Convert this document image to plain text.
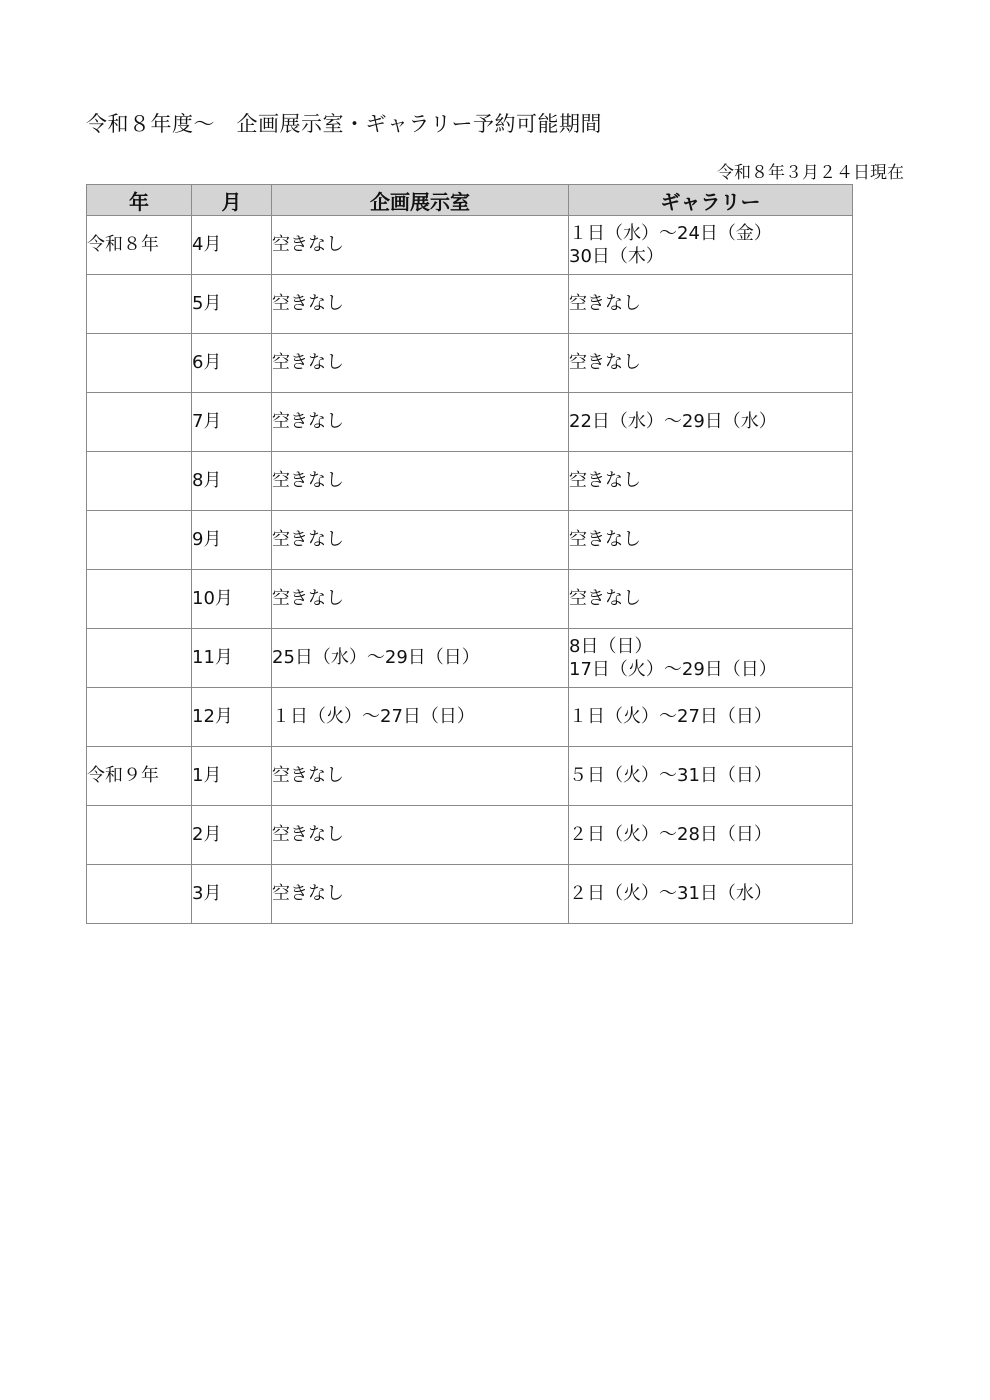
令和８年度～　企画展示室・ギャラリー予約可能期間
令和８年３月２４日現在
年	月	企画展示室	ギャラリー
令和８年	4月	空きなし	１日（水）～24日（金）
30日（木）

	5月	空きなし	空きなし

	6月	空きなし	空きなし

	7月	空きなし	22日（水）～29日（水）

	8月	空きなし	空きなし

	9月	空きなし	空きなし

	10月	空きなし	空きなし

	11月	25日（水）～29日（日）	8日（日）
17日（火）～29日（日）

	12月	１日（火）～27日（日）	１日（火）～27日（日）

令和９年	1月	空きなし	５日（火）～31日（日）

	2月	空きなし	２日（火）～28日（日）

	3月	空きなし	２日（火）～31日（水）
